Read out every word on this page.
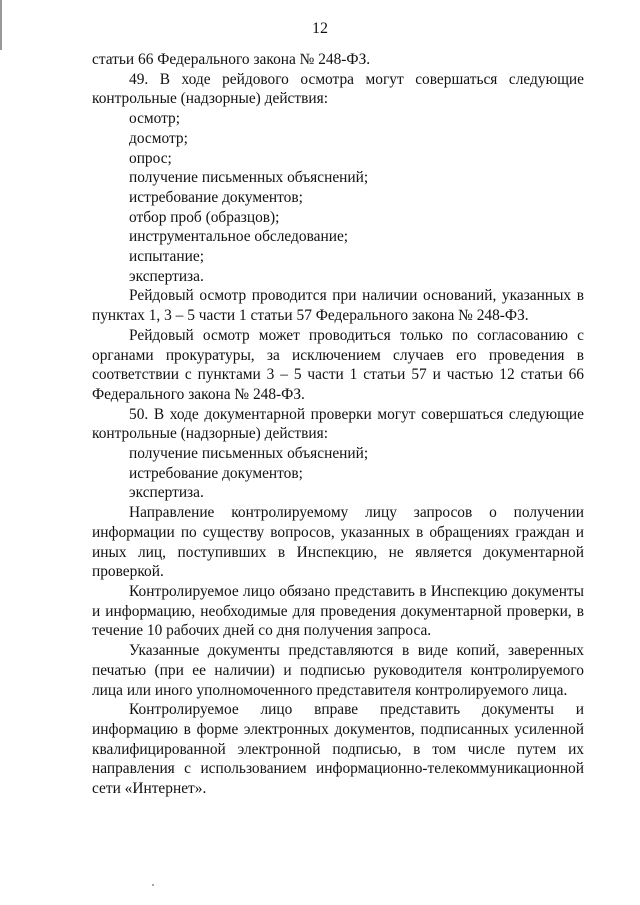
12

статьи 66 Федерального закона № 248-ФЗ.

49. В ходе рейдового осмотра могут совершаться следующие контрольные (надзорные) действия:

осмотр;

досмотр;

опрос;

получение письменных объяснений;

истребование документов;

отбор проб (образцов);

инструментальное обследование;

испытание;

экспертиза.

Рейдовый осмотр проводится при наличии оснований, указанных в пунктах 1, 3 – 5 части 1 статьи 57 Федерального закона № 248-ФЗ.

Рейдовый осмотр может проводиться только по согласованию с органами прокуратуры, за исключением случаев его проведения в соответствии с пунктами 3 – 5 части 1 статьи 57 и частью 12 статьи 66 Федерального закона № 248-ФЗ.

50. В ходе документарной проверки могут совершаться следующие контрольные (надзорные) действия:

получение письменных объяснений;

истребование документов;

экспертиза.

Направление контролируемому лицу запросов о получении информации по существу вопросов, указанных в обращениях граждан и иных лиц, поступивших в Инспекцию, не является документарной проверкой.

Контролируемое лицо обязано представить в Инспекцию документы и информацию, необходимые для проведения документарной проверки, в течение 10 рабочих дней со дня получения запроса.

Указанные документы представляются в виде копий, заверенных печатью (при ее наличии) и подписью руководителя контролируемого лица или иного уполномоченного представителя контролируемого лица.

Контролируемое лицо вправе представить документы и информацию в форме электронных документов, подписанных усиленной квалифицированной электронной подписью, в том числе путем их направления с использованием информационно-телекоммуникационной сети «Интернет».
